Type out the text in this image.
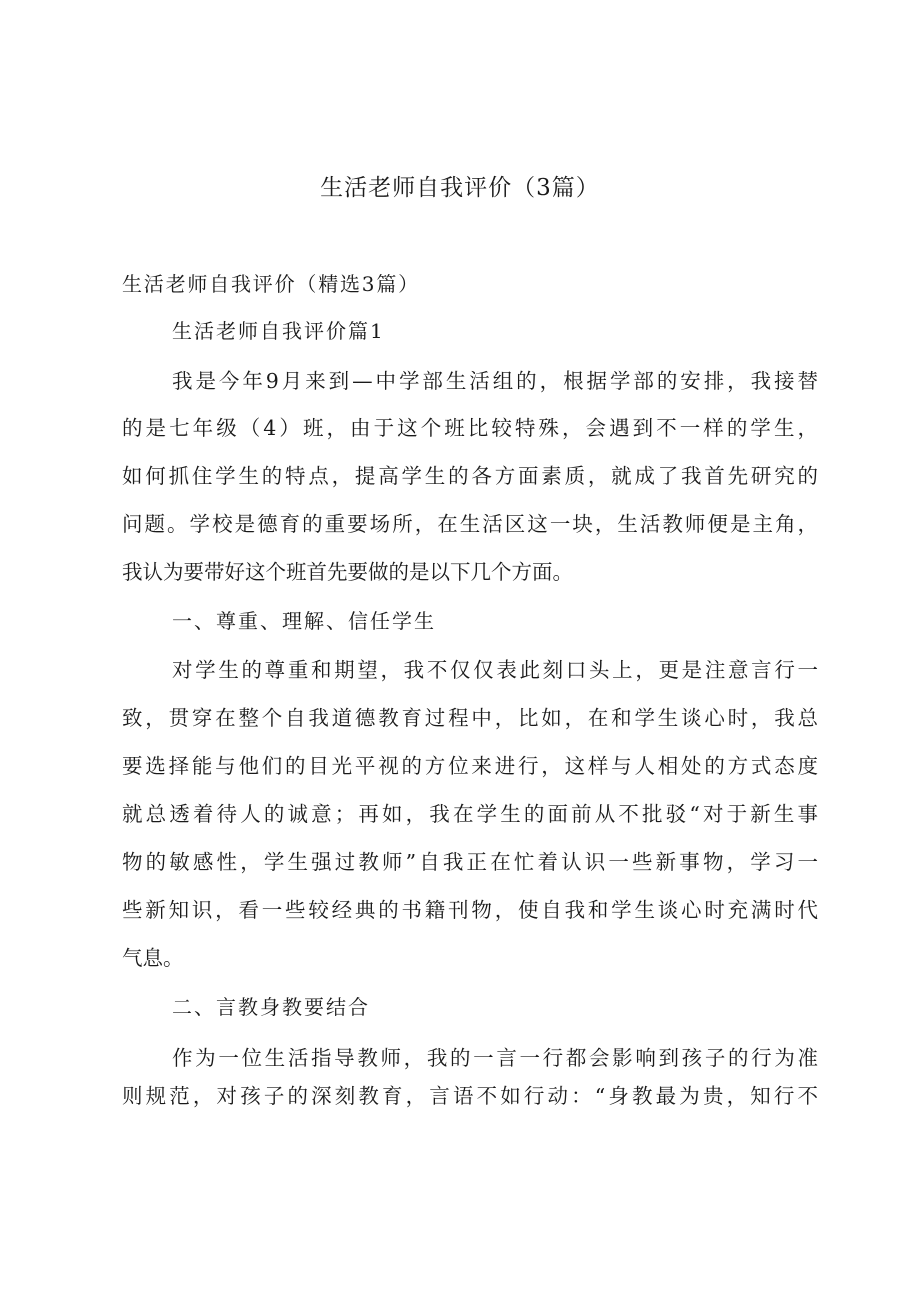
生活老师自我评价（3篇）
生活老师自我评价（精选3篇）
生活老师自我评价篇1
我是今年9月来到—中学部生活组的，根据学部的安排，我接替
的是七年级（4）班，由于这个班比较特殊，会遇到不一样的学生，
如何抓住学生的特点，提高学生的各方面素质，就成了我首先研究的
问题。学校是德育的重要场所，在生活区这一块，生活教师便是主角，
我认为要带好这个班首先要做的是以下几个方面。
一、尊重、理解、信任学生
对学生的尊重和期望，我不仅仅表此刻口头上，更是注意言行一
致，贯穿在整个自我道德教育过程中，比如，在和学生谈心时，我总
要选择能与他们的目光平视的方位来进行，这样与人相处的方式态度
就总透着待人的诚意；再如，我在学生的面前从不批驳“对于新生事
物的敏感性，学生强过教师”自我正在忙着认识一些新事物，学习一
些新知识，看一些较经典的书籍刊物，使自我和学生谈心时充满时代
气息。
二、言教身教要结合
作为一位生活指导教师，我的一言一行都会影响到孩子的行为准
则规范，对孩子的深刻教育，言语不如行动：“身教最为贵，知行不
